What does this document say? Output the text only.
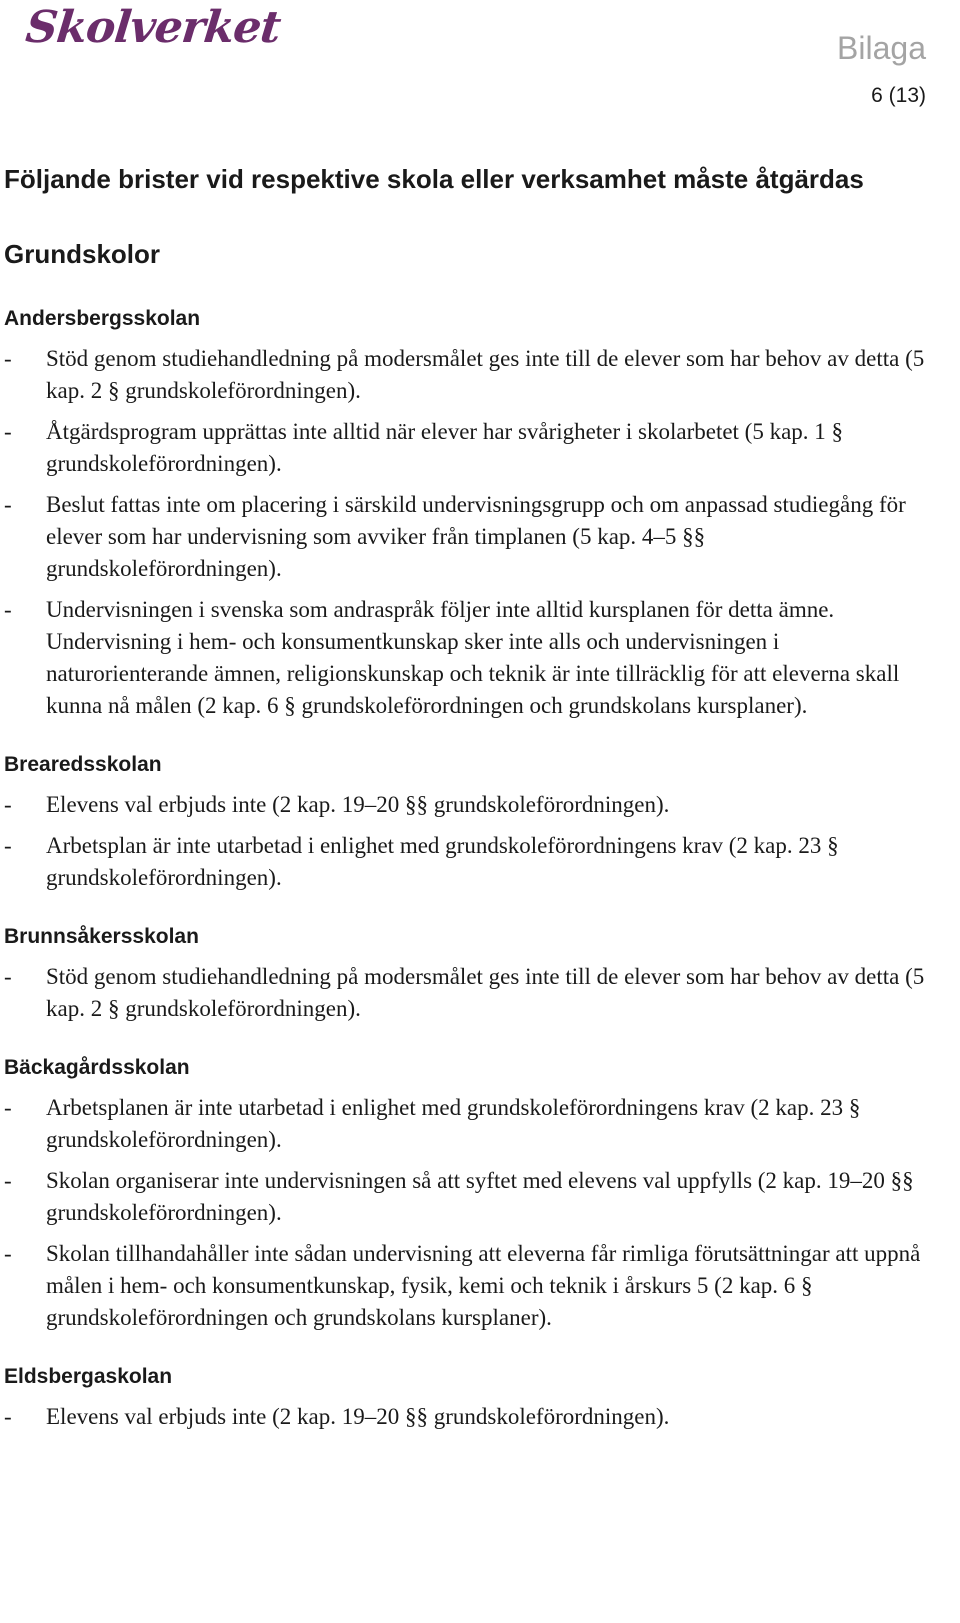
Skolverket	Bilaga
6 (13)
Följande brister vid respektive skola eller verksamhet måste åtgärdas
Grundskolor
Andersbergsskolan
- Stöd genom studiehandledning på modersmålet ges inte till de elever som har behov av detta (5 kap. 2 § grundskoleförordningen).
- Åtgärdsprogram upprättas inte alltid när elever har svårigheter i skolarbetet (5 kap. 1 § grundskoleförordningen).
- Beslut fattas inte om placering i särskild undervisningsgrupp och om anpassad studiegång för elever som har undervisning som avviker från timplanen (5 kap. 4–5 §§ grundskoleförordningen).
- Undervisningen i svenska som andraspråk följer inte alltid kursplanen för detta ämne. Undervisning i hem- och konsumentkunskap sker inte alls och undervisningen i naturorienterande ämnen, religionskunskap och teknik är inte tillräcklig för att eleverna skall kunna nå målen (2 kap. 6 § grundskoleförordningen och grundskolans kursplaner).
Brearedsskolan
- Elevens val erbjuds inte (2 kap. 19–20 §§ grundskoleförordningen).
- Arbetsplan är inte utarbetad i enlighet med grundskoleförordningens krav (2 kap. 23 § grundskoleförordningen).
Brunnsåkersskolan
- Stöd genom studiehandledning på modersmålet ges inte till de elever som har behov av detta (5 kap. 2 § grundskoleförordningen).
Bäckagårdsskolan
- Arbetsplanen är inte utarbetad i enlighet med grundskoleförordningens krav (2 kap. 23 § grundskoleförordningen).
- Skolan organiserar inte undervisningen så att syftet med elevens val uppfylls (2 kap. 19–20 §§ grundskoleförordningen).
- Skolan tillhandahåller inte sådan undervisning att eleverna får rimliga förutsättningar att uppnå målen i hem- och konsumentkunskap, fysik, kemi och teknik i årskurs 5 (2 kap. 6 § grundskoleförordningen och grundskolans kursplaner).
Eldsbergaskolan
- Elevens val erbjuds inte (2 kap. 19–20 §§ grundskoleförordningen).
